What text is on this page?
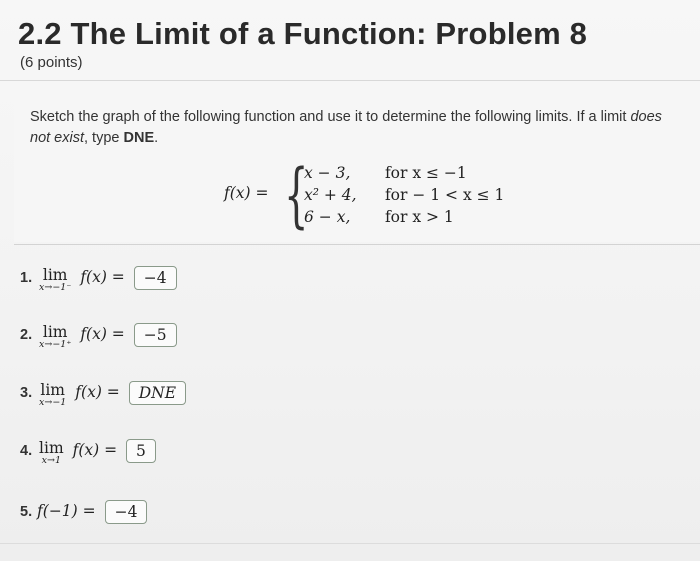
2.2 The Limit of a Function: Problem 8
(6 points)
Sketch the graph of the following function and use it to determine the following limits. If a limit does not exist, type DNE.
f(x) = {
x − 3, for x ≤ −1
x² + 4, for − 1 < x ≤ 1
6 − x, for x > 1
1. lim
x→−1⁻
f(x) = −4
2. lim
x→−1⁺
f(x) = −5
3. lim
x→−1
f(x) = DNE
4. lim
x→1
f(x) = 5
5. f(−1) = −4
